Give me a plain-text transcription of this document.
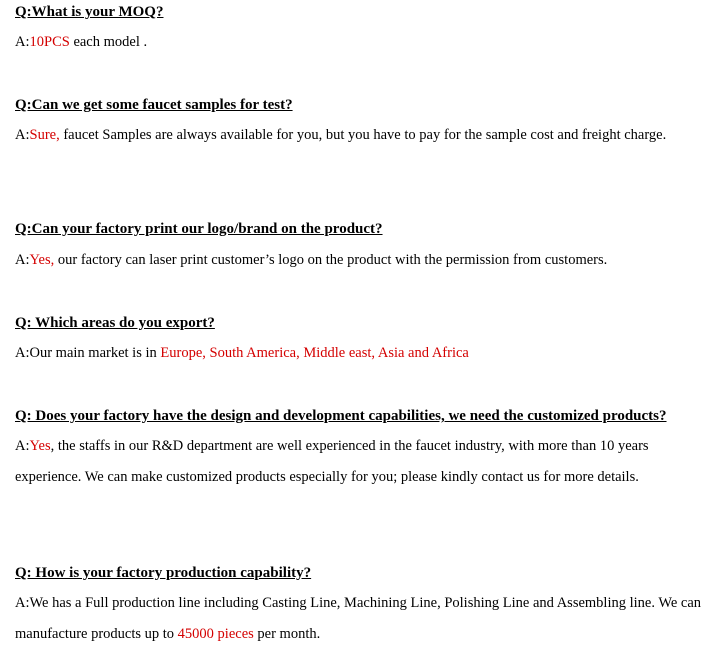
Q:What is your MOQ?
A:10PCS each model .
Q:Can we get some faucet samples for test?
A:Sure, faucet Samples are always available for you, but you have to pay for the sample cost and freight charge.
Q:Can your factory print our logo/brand on the product?
A:Yes, our factory can laser print customer’s logo on the product with the permission from customers.
Q: Which areas do you export?
A:Our main market is in Europe, South America, Middle east, Asia and Africa
Q: Does your factory have the design and development capabilities, we need the customized products?
A:Yes, the staffs in our R&D department are well experienced in the faucet industry, with more than 10 years experience. We can make customized products especially for you; please kindly contact us for more details.
Q: How is your factory production capability?
A:We has a Full production line including Casting Line, Machining Line, Polishing Line and Assembling line. We can manufacture products up to 45000 pieces per month.
